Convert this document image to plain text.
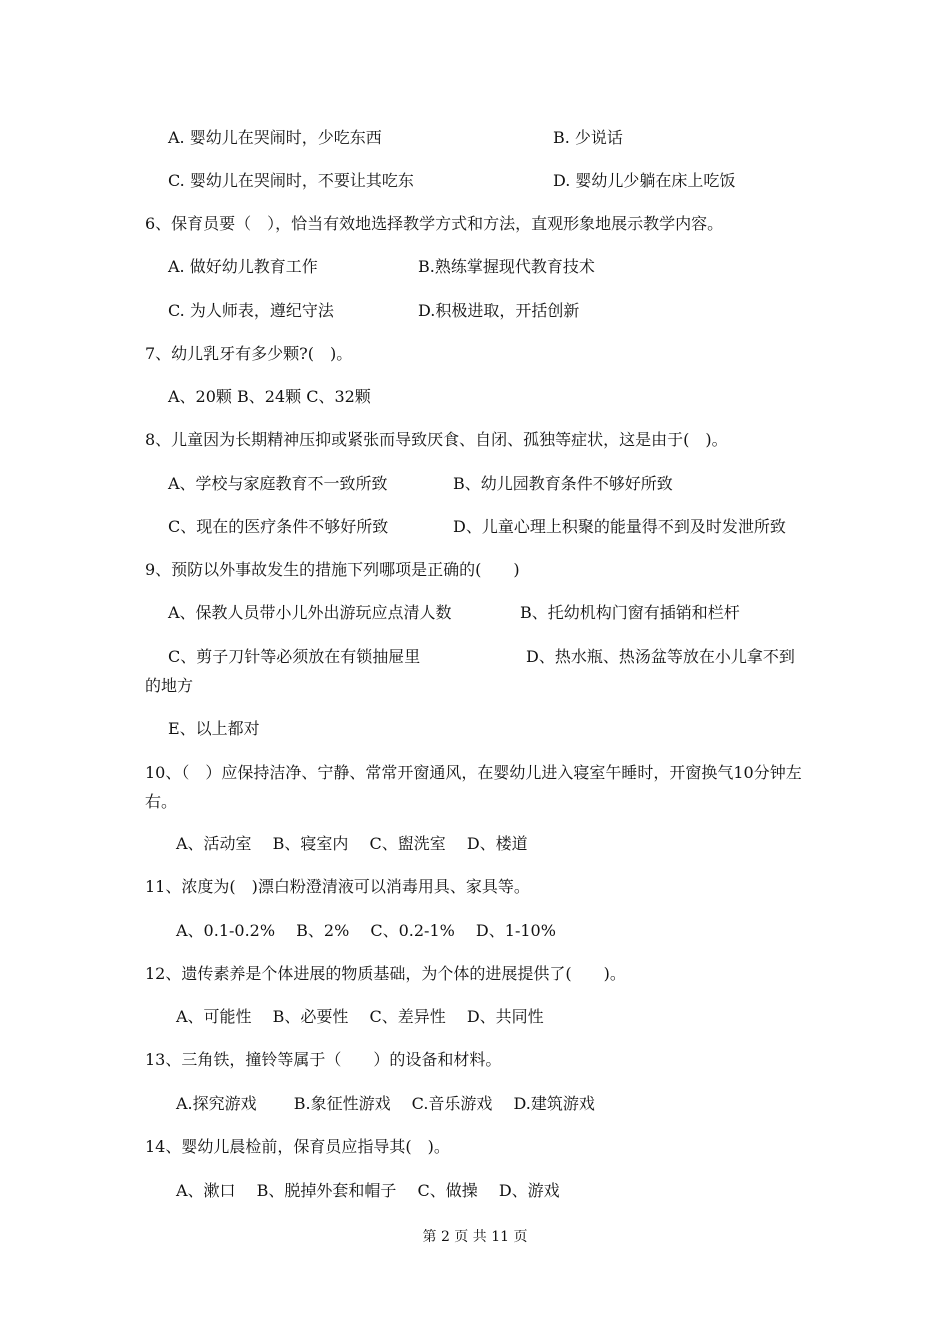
A. 婴幼儿在哭闹时，少吃东西	B. 少说话
C. 婴幼儿在哭闹时，不要让其吃东	D. 婴幼儿少躺在床上吃饭
6、保育员要（　），恰当有效地选择教学方式和方法，直观形象地展示教学内容。
A. 做好幼儿教育工作	B.熟练掌握现代教育技术
C. 为人师表，遵纪守法	D.积极进取，开括创新
7、幼儿乳牙有多少颗?(　)。
A、20颗 B、24颗 C、32颗
8、儿童因为长期精神压抑或紧张而导致厌食、自闭、孤独等症状，这是由于(　)。
A、学校与家庭教育不一致所致	B、幼儿园教育条件不够好所致
C、现在的医疗条件不够好所致	D、儿童心理上积聚的能量得不到及时发泄所致
9、预防以外事故发生的措施下列哪项是正确的(　　)
A、保教人员带小儿外出游玩应点清人数	B、托幼机构门窗有插销和栏杆
C、剪子刀针等必须放在有锁抽屉里	D、热水瓶、热汤盆等放在小儿拿不到
的地方
E、以上都对
10、（　）应保持洁净、宁静、常常开窗通风，在婴幼儿进入寝室午睡时，开窗换气10分钟左右。
A、活动室　 B、寝室内　 C、盥洗室　 D、楼道
11、浓度为(　)漂白粉澄清液可以消毒用具、家具等。
A、0.1-0.2%　 B、2%　 C、0.2-1%　 D、1-10%
12、遗传素养是个体进展的物质基础，为个体的进展提供了(　　)。
A、可能性　 B、必要性　 C、差异性　 D、共同性
13、三角铁，撞铃等属于（　　）的设备和材料。
A.探究游戏　　 B.象征性游戏　 C.音乐游戏　 D.建筑游戏
14、婴幼儿晨检前，保育员应指导其(　)。
A、漱口　 B、脱掉外套和帽子　 C、做操　 D、游戏
第 2 页 共 11 页
